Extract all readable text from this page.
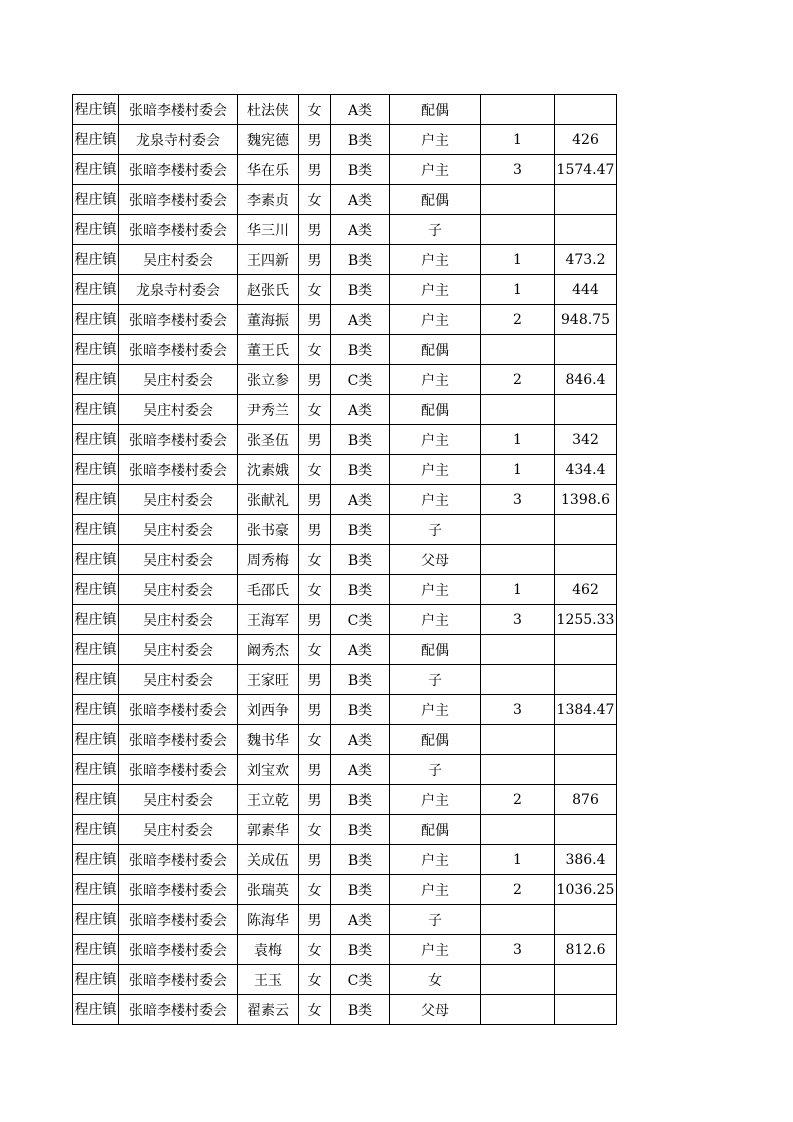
程庄镇	张暗李楼村委会	杜法侠	女	A类	配偶		
程庄镇	龙泉寺村委会	魏宪德	男	B类	户主	1	426
程庄镇	张暗李楼村委会	华在乐	男	B类	户主	3	1574.47
程庄镇	张暗李楼村委会	李素贞	女	A类	配偶		
程庄镇	张暗李楼村委会	华三川	男	A类	子		
程庄镇	吴庄村委会	王四新	男	B类	户主	1	473.2
程庄镇	龙泉寺村委会	赵张氏	女	B类	户主	1	444
程庄镇	张暗李楼村委会	董海振	男	A类	户主	2	948.75
程庄镇	张暗李楼村委会	董王氏	女	B类	配偶		
程庄镇	吴庄村委会	张立参	男	C类	户主	2	846.4
程庄镇	吴庄村委会	尹秀兰	女	A类	配偶		
程庄镇	张暗李楼村委会	张圣伍	男	B类	户主	1	342
程庄镇	张暗李楼村委会	沈素娥	女	B类	户主	1	434.4
程庄镇	吴庄村委会	张献礼	男	A类	户主	3	1398.6
程庄镇	吴庄村委会	张书豪	男	B类	子		
程庄镇	吴庄村委会	周秀梅	女	B类	父母		
程庄镇	吴庄村委会	毛邵氏	女	B类	户主	1	462
程庄镇	吴庄村委会	王海军	男	C类	户主	3	1255.33
程庄镇	吴庄村委会	阚秀杰	女	A类	配偶		
程庄镇	吴庄村委会	王家旺	男	B类	子		
程庄镇	张暗李楼村委会	刘西争	男	B类	户主	3	1384.47
程庄镇	张暗李楼村委会	魏书华	女	A类	配偶		
程庄镇	张暗李楼村委会	刘宝欢	男	A类	子		
程庄镇	吴庄村委会	王立乾	男	B类	户主	2	876
程庄镇	吴庄村委会	郭素华	女	B类	配偶		
程庄镇	张暗李楼村委会	关成伍	男	B类	户主	1	386.4
程庄镇	张暗李楼村委会	张瑞英	女	B类	户主	2	1036.25
程庄镇	张暗李楼村委会	陈海华	男	A类	子		
程庄镇	张暗李楼村委会	袁梅	女	B类	户主	3	812.6
程庄镇	张暗李楼村委会	王玉	女	C类	女		
程庄镇	张暗李楼村委会	翟素云	女	B类	父母		
